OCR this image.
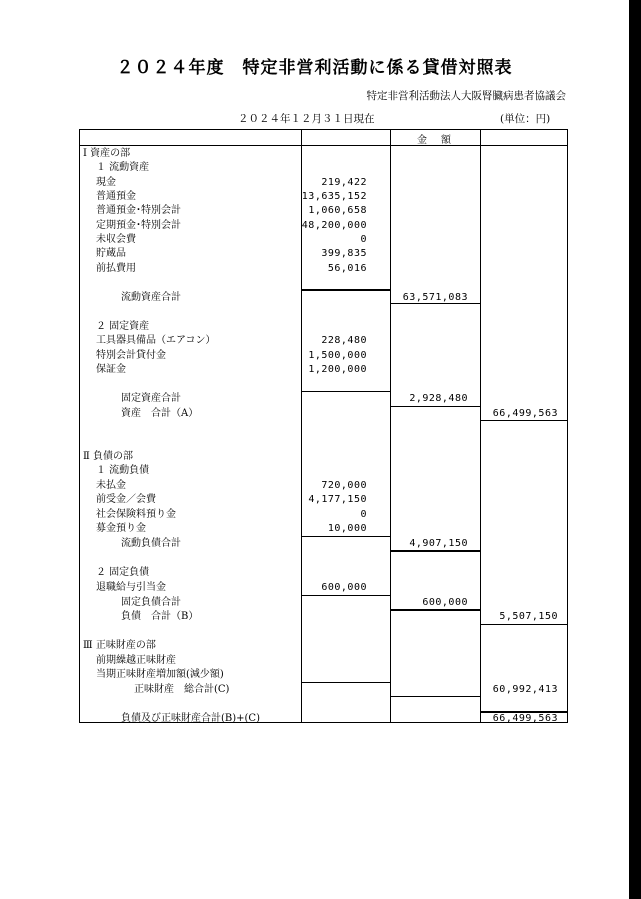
２０２４年度　特定非営利活動に係る貸借対照表
特定非営利活動法人大阪腎臓病患者協議会
２０２４年１２月３１日現在	(単位：円)
金　額
Ⅰ 資産の部
１ 流動資産
現金	219,422
普通預金	13,635,152
普通預金･特別会計	1,060,658
定期預金･特別会計	48,200,000
未収会費	0
貯蔵品	399,835
前払費用	56,016
流動資産合計	63,571,083
２ 固定資産
工具器具備品（エアコン）	228,480
特別会計貸付金	1,500,000
保証金	1,200,000
固定資産合計	2,928,480
資産　合計（A）	66,499,563
Ⅱ 負債の部
１ 流動負債
未払金	720,000
前受金／会費	4,177,150
社会保険料預り金	0
募金預り金	10,000
流動負債合計	4,907,150
２ 固定負債
退職給与引当金	600,000
固定負債合計	600,000
負債　合計（B）	5,507,150
Ⅲ 正味財産の部
前期繰越正味財産
当期正味財産増加額(減少額)
正味財産　総合計(C)	60,992,413
負債及び正味財産合計(B)+(C)	66,499,563
